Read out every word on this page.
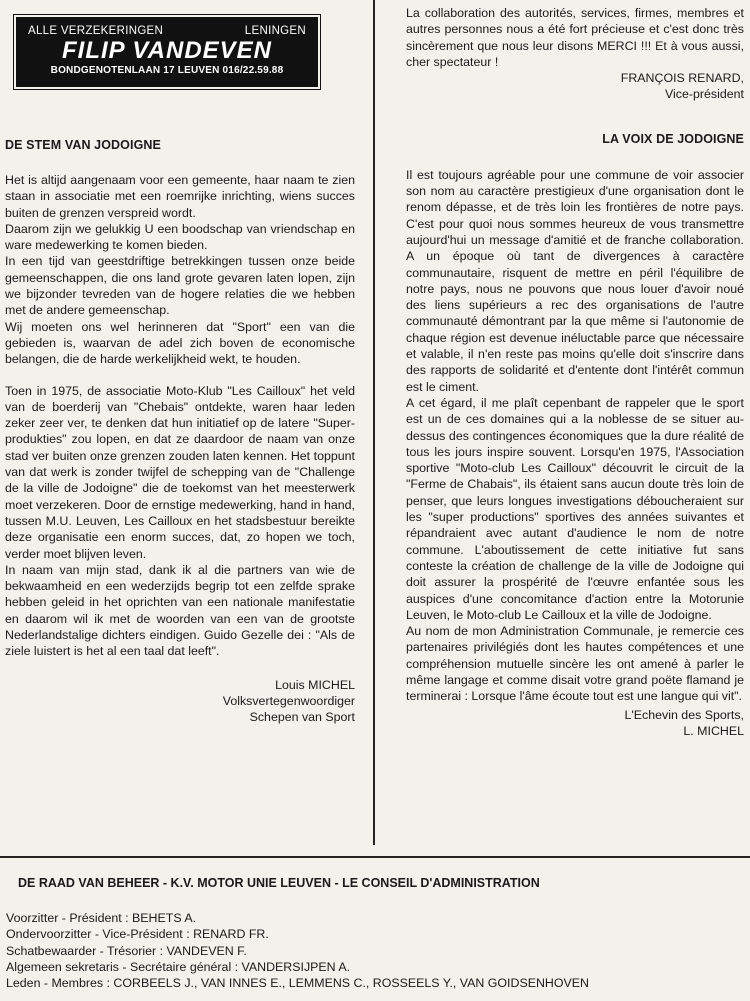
ALLE VERZEKERINGEN	LENINGEN
FILIP VANDEVEN
BONDGENOTENLAAN 17 LEUVEN 016/22.59.88
DE STEM VAN JODOIGNE

Het is altijd aangenaam voor een gemeente, haar naam te zien staan in associatie met een roemrijke inrichting, wiens succes buiten de grenzen verspreid wordt.

Daarom zijn we gelukkig U een boodschap van vriendschap en ware medewerking te komen bieden.

In een tijd van geestdriftige betrekkingen tussen onze beide gemeenschappen, die ons land grote gevaren laten lopen, zijn we bijzonder tevreden van de hogere relaties die we hebben met de andere gemeenschap.

Wij moeten ons wel herinneren dat "Sport" een van die gebieden is, waarvan de adel zich boven de economische belangen, die de harde werkelijkheid wekt, te houden.

Toen in 1975, de associatie Moto-Klub "Les Cailloux" het veld van de boerderij van "Chebais" ontdekte, waren haar leden zeker zeer ver, te denken dat hun initiatief op de latere "Super-produkties" zou lopen, en dat ze daardoor de naam van onze stad ver buiten onze grenzen zouden laten kennen. Het toppunt van dat werk is zonder twijfel de schepping van de "Challenge de la ville de Jodoigne" die de toekomst van het meesterwerk moet verzekeren. Door de ernstige medewerking, hand in hand, tussen M.U. Leuven, Les Cailloux en het stadsbestuur bereikte deze organisatie een enorm succes, dat, zo hopen we toch, verder moet blijven leven.

In naam van mijn stad, dank ik al die partners van wie de bekwaamheid en een wederzijds begrip tot een zelfde sprake hebben geleid in het oprichten van een nationale manifestatie en daarom wil ik met de woorden van een van de grootste Nederlandstalige dichters eindigen. Guido Gezelle dei : "Als de ziele luistert is het al een taal dat leeft".

Louis MICHEL
Volksvertegenwoordiger
Schepen van Sport

La collaboration des autorités, services, firmes, membres et autres personnes nous a été fort précieuse et c'est donc très sincèrement que nous leur disons MERCI !!! Et à vous aussi, cher spectateur !

FRANÇOIS RENARD,
Vice-président
LA VOIX DE JODOIGNE

Il est toujours agréable pour une commune de voir associer son nom au caractère prestigieux d'une organisation dont le renom dépasse, et de très loin les frontières de notre pays. C'est pour quoi nous sommes heureux de vous transmettre aujourd'hui un message d'amitié et de franche collaboration. A un époque où tant de divergences à caractère communautaire, risquent de mettre en péril l'équilibre de notre pays, nous ne pouvons que nous louer d'avoir noué des liens supérieurs a rec des organisations de l'autre communauté démontrant par la que même si l'autonomie de chaque région est devenue inéluctable parce que nécessaire et valable, il n'en reste pas moins qu'elle doit s'inscrire dans des rapports de solidarité et d'entente dont l'intérêt commun est le ciment.

A cet égard, il me plaît cepenbant de rappeler que le sport est un de ces domaines qui a la noblesse de se situer au-dessus des contingences économiques que la dure réalité de tous les jours inspire souvent. Lorsqu'en 1975, l'Association sportive "Moto-club Les Cailloux" découvrit le circuit de la "Ferme de Chabais", ils étaient sans aucun doute très loin de penser, que leurs longues investigations déboucheraient sur les "super productions" sportives des années suivantes et répandraient avec autant d'audience le nom de notre commune. L'aboutissement de cette initiative fut sans conteste la création de challenge de la ville de Jodoigne qui doit assurer la prospérité de l'œuvre enfantée sous les auspices d'une concomitance d'action entre la Motorunie Leuven, le Moto-club Le Cailloux et la ville de Jodoigne.

Au nom de mon Administration Communale, je remercie ces partenaires privilégiés dont les hautes compétences et une compréhension mutuelle sincère les ont amené à parler le même langage et comme disait votre grand poëte flamand je terminerai : Lorsque l'âme écoute tout est une langue qui vit".

L'Echevin des Sports,
L. MICHEL
DE RAAD VAN BEHEER - K.V. MOTOR UNIE LEUVEN - LE CONSEIL D'ADMINISTRATION
Voorzitter - Président : BEHETS A.
Ondervoorzitter - Vice-Président : RENARD FR.
Schatbewaarder - Trésorier : VANDEVEN F.
Algemeen sekretaris - Secrétaire général : VANDERSIJPEN A.
Leden - Membres : CORBEELS J., VAN INNES E., LEMMENS C., ROSSEELS Y., VAN GOIDSENHOVEN
